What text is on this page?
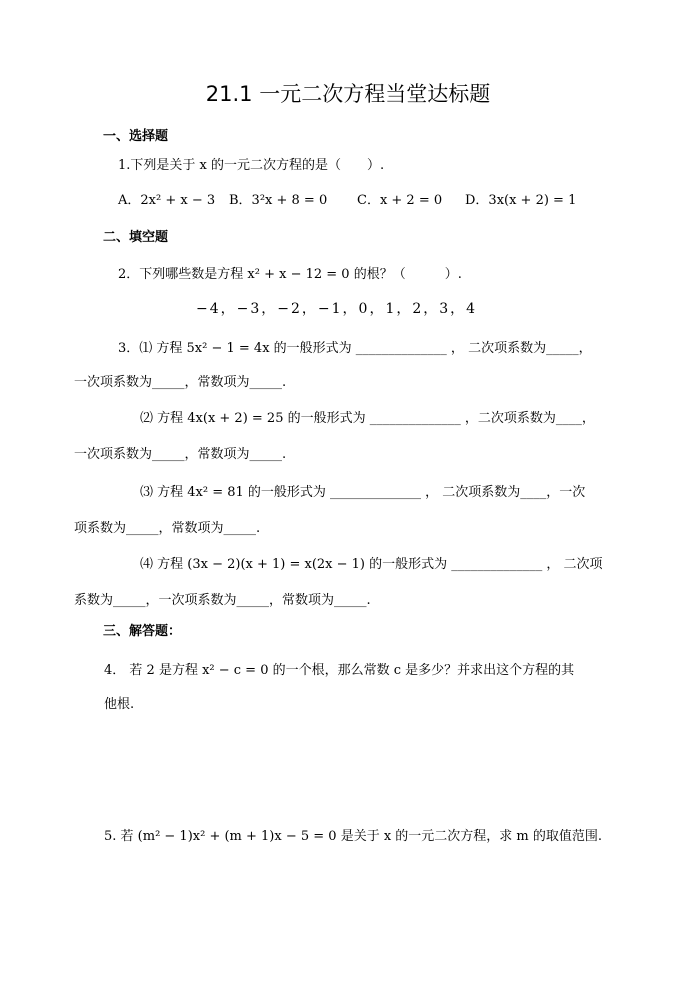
21.1 一元二次方程当堂达标题
一、选择题
1.下列是关于 x 的一元二次方程的是（　　）.
A．2x² + x − 3 B．3²x + 8 = 0 C．x + 2 = 0 D．3x(x + 2) = 1
二、填空题
2．下列哪些数是方程 x² + x − 12 = 0 的根？（　　　）.
−4，−3，−2，−1，0，1，2，3，4
3．⑴ 方程 5x² − 1 = 4x 的一般形式为 ______________ ， 二次项系数为_____，
一次项系数为_____，常数项为_____.
⑵ 方程 4x(x + 2) = 25 的一般形式为 ______________ ，二次项系数为____，
一次项系数为_____，常数项为_____.
⑶ 方程 4x² = 81 的一般形式为 ______________ ， 二次项系数为____，一次
项系数为_____，常数项为_____.
⑷ 方程 (3x − 2)(x + 1) = x(2x − 1) 的一般形式为 ______________ ， 二次项
系数为_____，一次项系数为_____，常数项为_____.
三、解答题：
4． 若 2 是方程 x² − c = 0 的一个根，那么常数 c 是多少？并求出这个方程的其
他根.
5. 若 (m² − 1)x² + (m + 1)x − 5 = 0 是关于 x 的一元二次方程，求 m 的取值范围.
